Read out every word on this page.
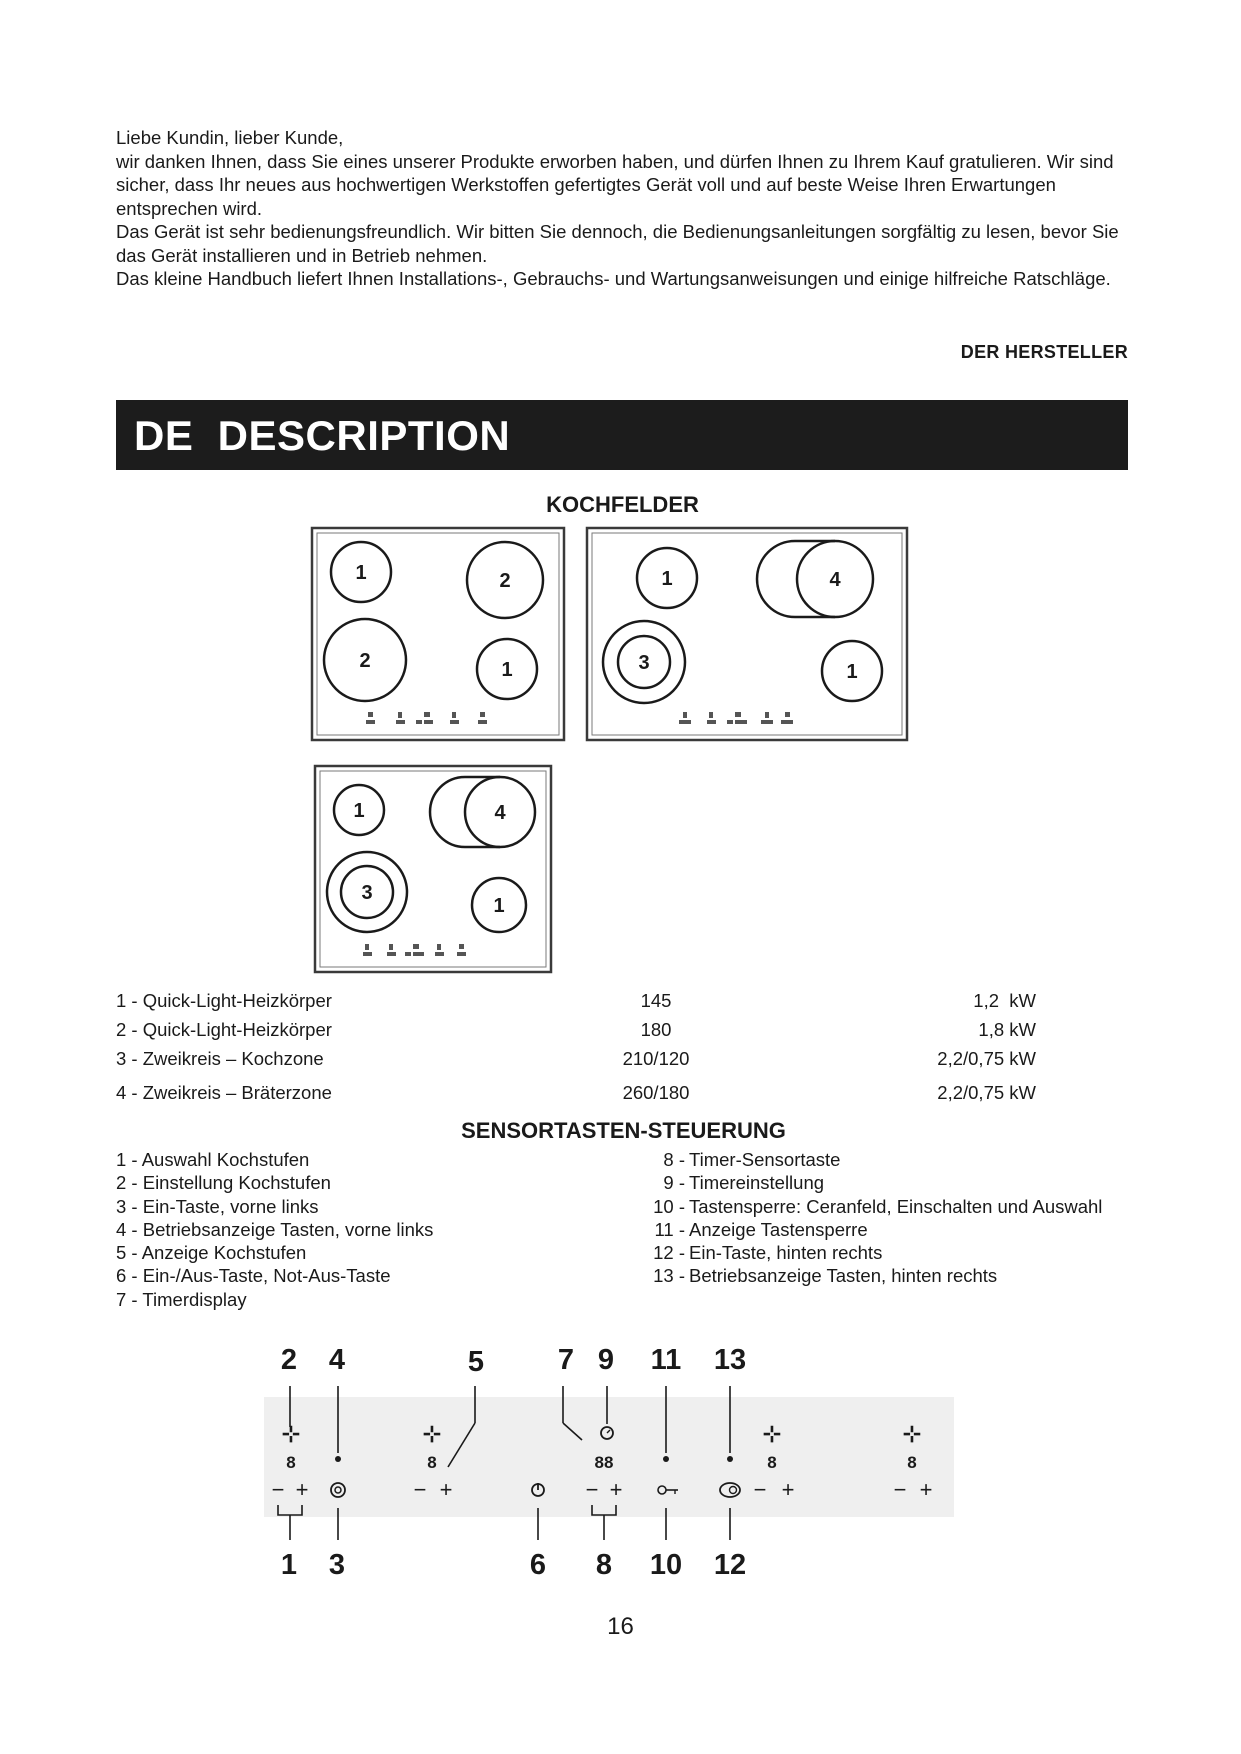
Liebe Kundin, lieber Kunde,

wir danken Ihnen, dass Sie eines unserer Produkte erworben haben, und dürfen Ihnen zu Ihrem Kauf gratulieren. Wir sind sicher, dass Ihr neues aus hochwertigen Werkstoffen gefertigtes Gerät voll und auf beste Weise Ihren Erwartungen entsprechen wird.

Das Gerät ist sehr bedienungsfreundlich. Wir bitten Sie dennoch, die Bedienungsanleitungen sorgfältig zu lesen, bevor Sie das Gerät installieren und in Betrieb nehmen.

Das kleine Handbuch liefert Ihnen Installations-, Gebrauchs- und Wartungsanweisungen und einige hilfreiche Ratschläge.

DER HERSTELLER
DE  DESCRIPTION
KOCHFELDER
1	2
2	1
1	4
3	1
1	4
3
1
1 - Quick-Light-Heizkörper	145	1,2  kW
2 - Quick-Light-Heizkörper	180	1,8 kW
3 - Zweikreis – Kochzone	210/120	2,2/0,75 kW
4 - Zweikreis – Bräterzone	260/180	2,2/0,75 kW
SENSORTASTEN-STEUERUNG
1 - Auswahl Kochstufen
2 - Einstellung Kochstufen
3 - Ein-Taste, vorne links
4 - Betriebsanzeige Tasten, vorne links
5 - Anzeige Kochstufen
6 - Ein-/Aus-Taste, Not-Aus-Taste
7 - Timerdisplay
8 - Timer-Sensortaste
9 - Timereinstellung
10 - Tastensperre: Ceranfeld, Einschalten und Auswahl
11 - Anzeige Tastensperre
12 - Ein-Taste, hinten rechts
13 - Betriebsanzeige Tasten, hinten rechts
2 4	5	7 9 11 13
1 3	6 8 10 12
⊹
8
− +
⊹
8
− +
88
− +	− +
⊹
8
⊹
8
− +
16
